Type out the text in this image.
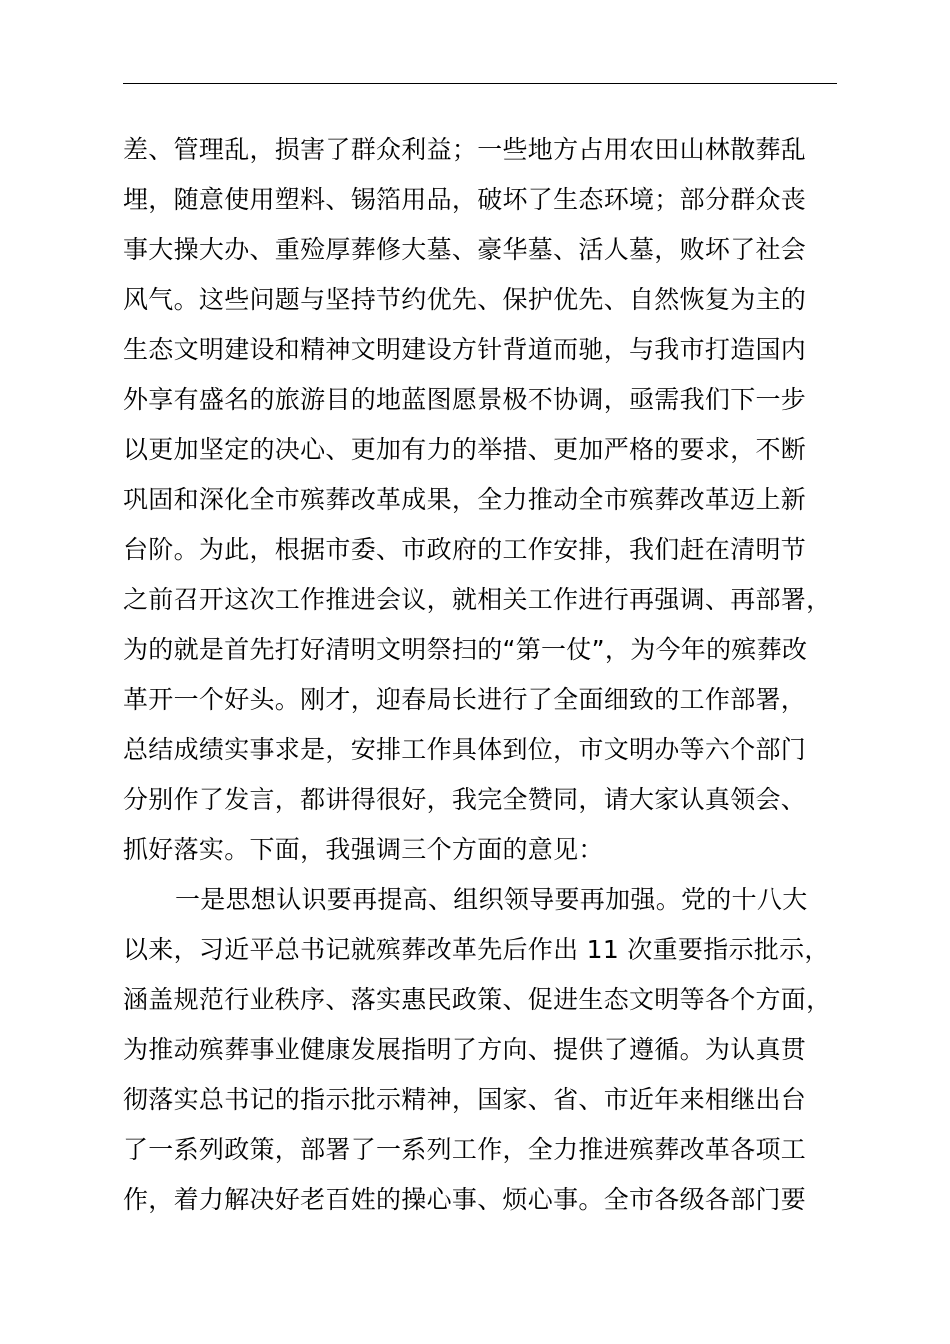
差、管理乱，损害了群众利益；一些地方占用农田山林散葬乱
埋，随意使用塑料、锡箔用品，破坏了生态环境；部分群众丧
事大操大办、重殓厚葬修大墓、豪华墓、活人墓，败坏了社会
风气。这些问题与坚持节约优先、保护优先、自然恢复为主的
生态文明建设和精神文明建设方针背道而驰，与我市打造国内
外享有盛名的旅游目的地蓝图愿景极不协调，亟需我们下一步
以更加坚定的决心、更加有力的举措、更加严格的要求，不断
巩固和深化全市殡葬改革成果，全力推动全市殡葬改革迈上新
台阶。为此，根据市委、市政府的工作安排，我们赶在清明节
之前召开这次工作推进会议，就相关工作进行再强调、再部署，
为的就是首先打好清明文明祭扫的“第一仗”，为今年的殡葬改
革开一个好头。刚才，迎春局长进行了全面细致的工作部署，
总结成绩实事求是，安排工作具体到位，市文明办等六个部门
分别作了发言，都讲得很好，我完全赞同，请大家认真领会、
抓好落实。下面，我强调三个方面的意见：
一是思想认识要再提高、组织领导要再加强。党的十八大
以来，习近平总书记就殡葬改革先后作出 11 次重要指示批示，
涵盖规范行业秩序、落实惠民政策、促进生态文明等各个方面，
为推动殡葬事业健康发展指明了方向、提供了遵循。为认真贯
彻落实总书记的指示批示精神，国家、省、市近年来相继出台
了一系列政策，部署了一系列工作，全力推进殡葬改革各项工
作，着力解决好老百姓的操心事、烦心事。全市各级各部门要
